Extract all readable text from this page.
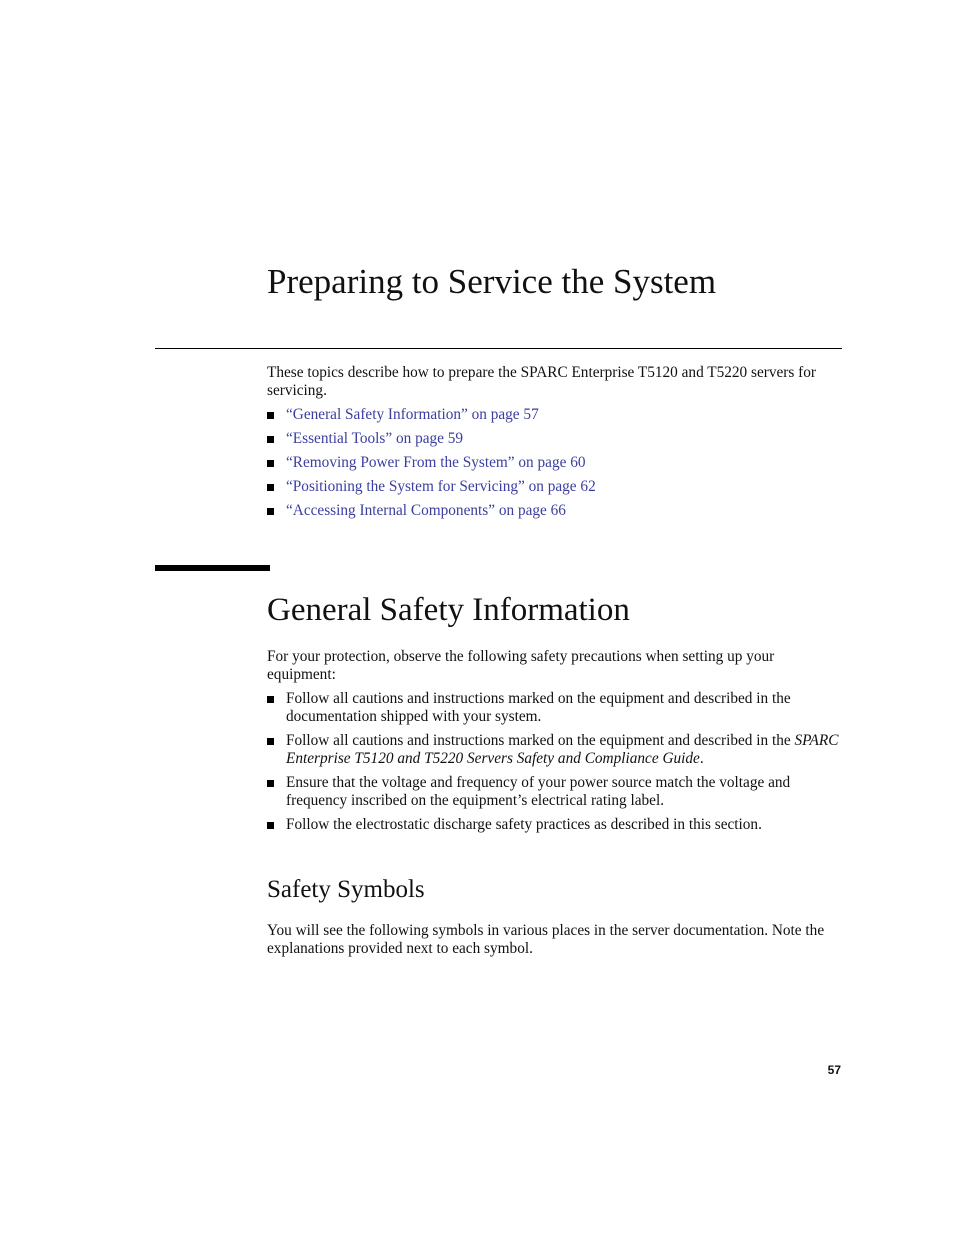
Preparing to Service the System

These topics describe how to prepare the SPARC Enterprise T5120 and T5220 servers for servicing.

“General Safety Information” on page 57
“Essential Tools” on page 59
“Removing Power From the System” on page 60
“Positioning the System for Servicing” on page 62
“Accessing Internal Components” on page 66
General Safety Information

For your protection, observe the following safety precautions when setting up your equipment:

Follow all cautions and instructions marked on the equipment and described in the documentation shipped with your system.
Follow all cautions and instructions marked on the equipment and described in the SPARC Enterprise T5120 and T5220 Servers Safety and Compliance Guide.
Ensure that the voltage and frequency of your power source match the voltage and frequency inscribed on the equipment’s electrical rating label.
Follow the electrostatic discharge safety practices as described in this section.
Safety Symbols

You will see the following symbols in various places in the server documentation. Note the explanations provided next to each symbol.

57
